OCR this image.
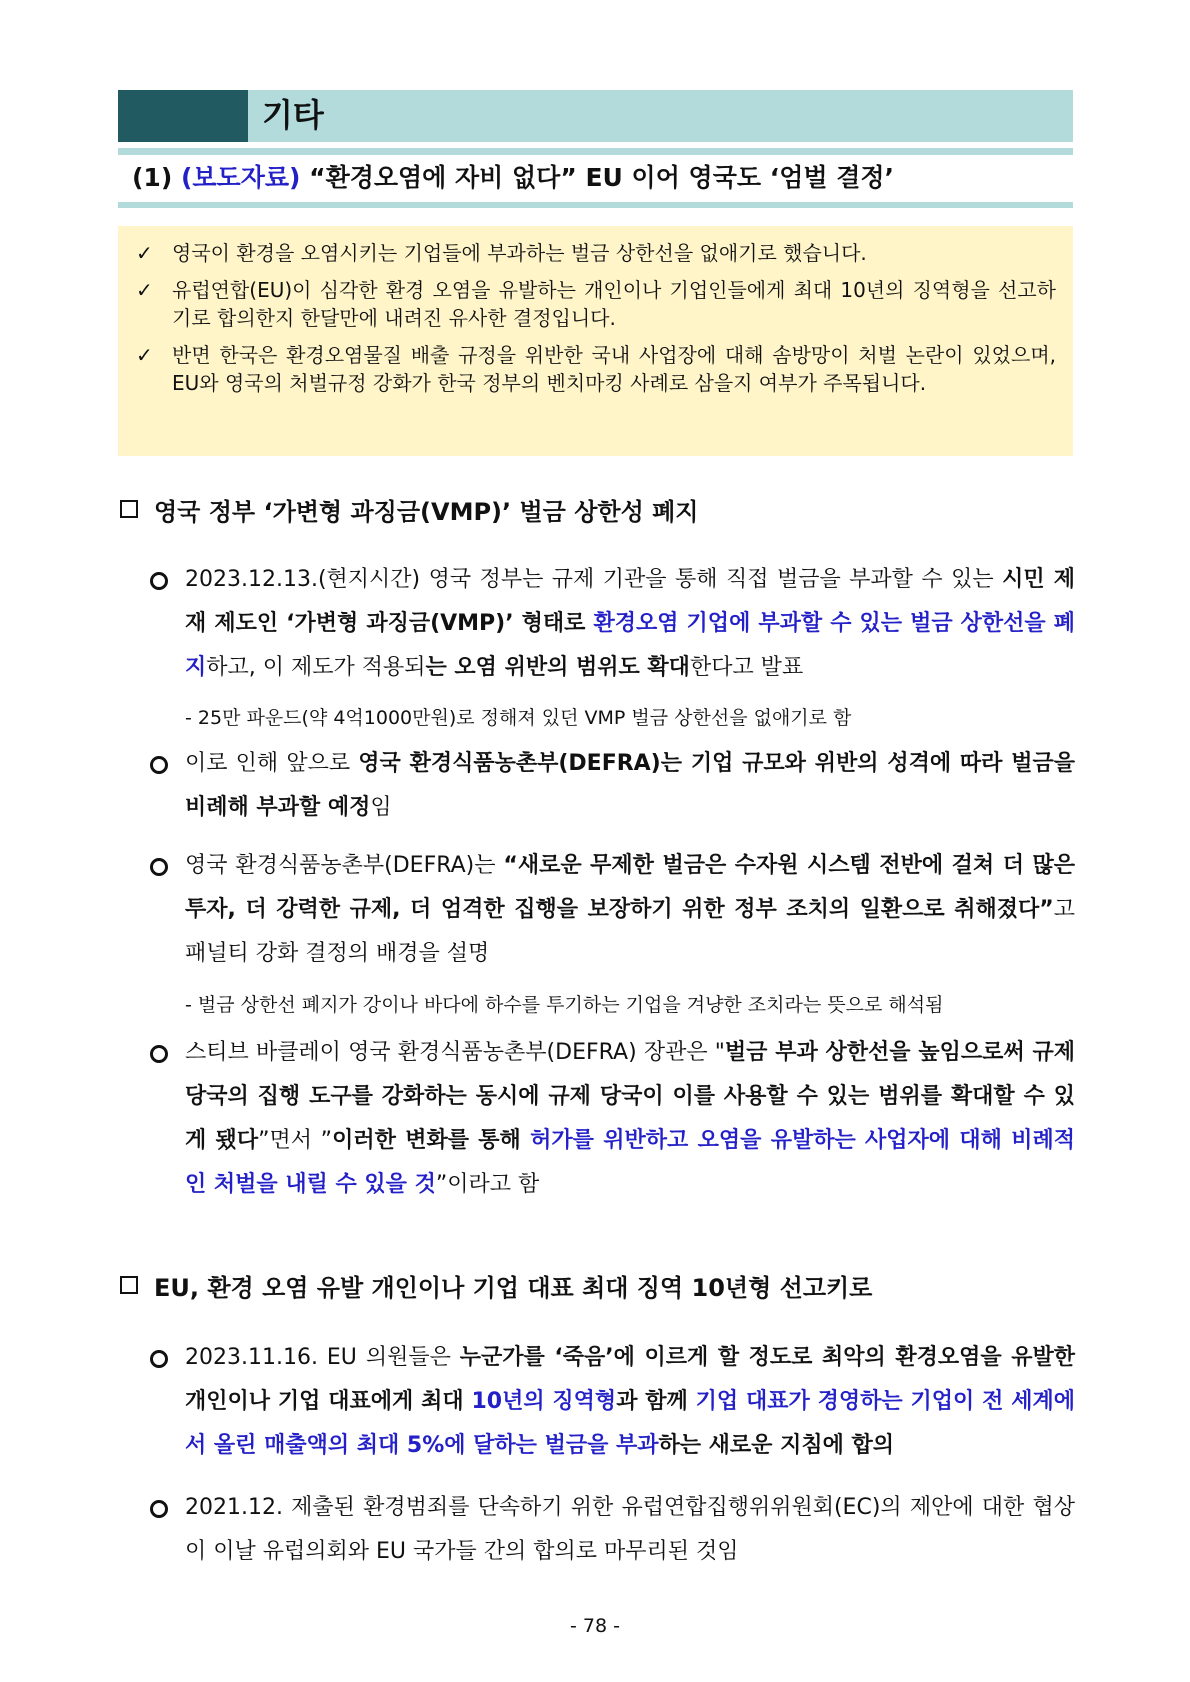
기타
(1) (보도자료) “환경오염에 자비 없다” EU 이어 영국도 ‘엄벌 결정’
✓ 영국이 환경을 오염시키는 기업들에 부과하는 벌금 상한선을 없애기로 했습니다.
✓ 유럽연합(EU)이 심각한 환경 오염을 유발하는 개인이나 기업인들에게 최대 10년의 징역형을 선고하기로 합의한지 한달만에 내려진 유사한 결정입니다.
✓ 반면 한국은 환경오염물질 배출 규정을 위반한 국내 사업장에 대해 솜방망이 처벌 논란이 있었으며, EU와 영국의 처벌규정 강화가 한국 정부의 벤치마킹 사례로 삼을지 여부가 주목됩니다.
영국 정부 ‘가변형 과징금(VMP)’ 벌금 상한성 폐지
2023.12.13.(현지시간) 영국 정부는 규제 기관을 통해 직접 벌금을 부과할 수 있는 시민 제재 제도인 ‘가변형 과징금(VMP)’ 형태로 환경오염 기업에 부과할 수 있는 벌금 상한선을 폐지하고, 이 제도가 적용되는 오염 위반의 범위도 확대한다고 발표
- 25만 파운드(약 4억1000만원)로 정해져 있던 VMP 벌금 상한선을 없애기로 함
이로 인해 앞으로 영국 환경식품농촌부(DEFRA)는 기업 규모와 위반의 성격에 따라 벌금을 비례해 부과할 예정임
영국 환경식품농촌부(DEFRA)는 “새로운 무제한 벌금은 수자원 시스템 전반에 걸쳐 더 많은 투자, 더 강력한 규제, 더 엄격한 집행을 보장하기 위한 정부 조치의 일환으로 취해졌다”고 패널티 강화 결정의 배경을 설명
- 벌금 상한선 폐지가 강이나 바다에 하수를 투기하는 기업을 겨냥한 조치라는 뜻으로 해석됨
스티브 바클레이 영국 환경식품농촌부(DEFRA) 장관은 "벌금 부과 상한선을 높임으로써 규제 당국의 집행 도구를 강화하는 동시에 규제 당국이 이를 사용할 수 있는 범위를 확대할 수 있게 됐다”면서 ”이러한 변화를 통해 허가를 위반하고 오염을 유발하는 사업자에 대해 비례적인 처벌을 내릴 수 있을 것”이라고 함
EU, 환경 오염 유발 개인이나 기업 대표 최대 징역 10년형 선고키로
2023.11.16. EU 의원들은 누군가를 ‘죽음’에 이르게 할 정도로 최악의 환경오염을 유발한 개인이나 기업 대표에게 최대 10년의 징역형과 함께 기업 대표가 경영하는 기업이 전 세계에서 올린 매출액의 최대 5%에 달하는 벌금을 부과하는 새로운 지침에 합의
2021.12. 제출된 환경범죄를 단속하기 위한 유럽연합집행위위원회(EC)의 제안에 대한 협상이 이날 유럽의회와 EU 국가들 간의 합의로 마무리된 것임
- 78 -
